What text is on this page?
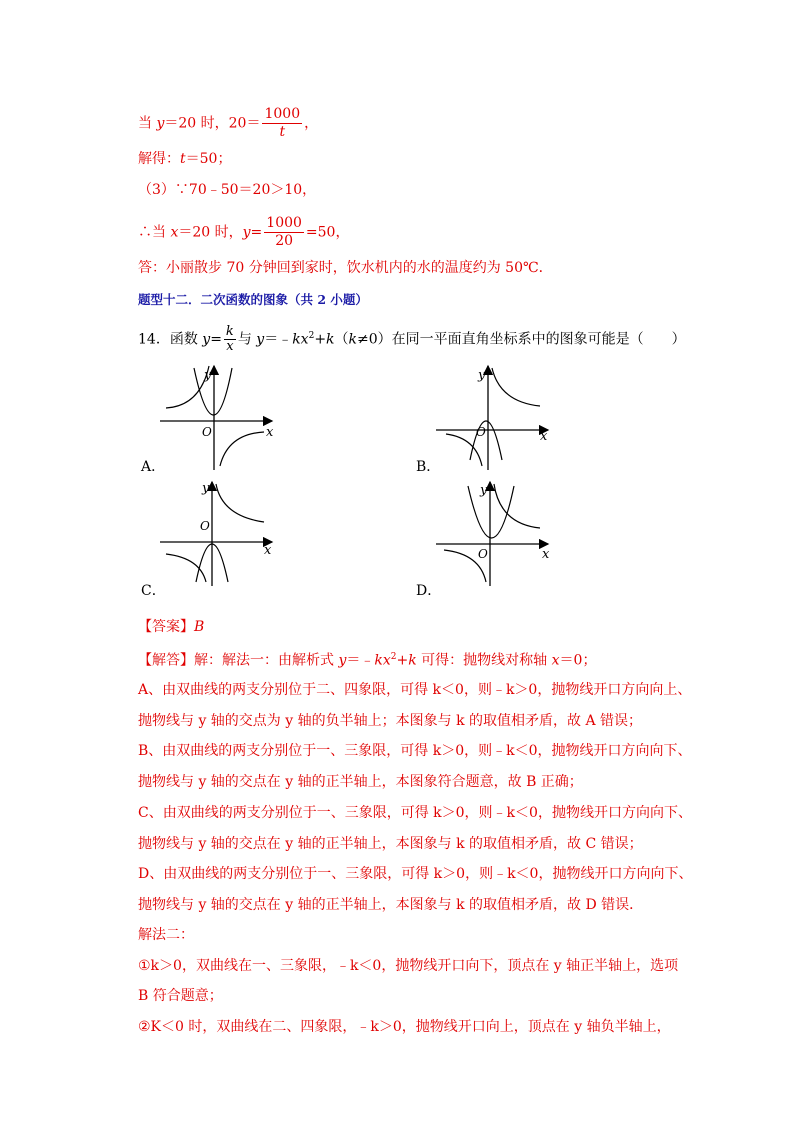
当 y＝20 时，$20= \frac{1000}{t}$ ，
解得：t＝50；
（3）∵70﹣50＝20＞10，
∴当 x＝20 时，$y= \frac{1000}{20} =50$，
答：小丽散步 70 分钟回到家时，饮水机内的水的温度约为 50℃．
题型十二．二次函数的图象（共 2 小题）
14．函数 $y= \frac{k}{x}$ 与 $y=﹣kx^2+k(k\ne 0)$在同一平面直角坐标系中的图象可能是（　　）
y
x
O
A．
y
x
O
B．
y
x
O
C．
y
x
O
D．
【答案】B
【解答】解：解法一：由解析式 $y=﹣kx^2+k$ 可得：抛物线对称轴 x＝0；
A、由双曲线的两支分别位于二、四象限，可得 k＜0，则﹣k＞0，抛物线开口方向向上、
抛物线与 y 轴的交点为 y 轴的负半轴上；本图象与 k 的取值相矛盾，故 A 错误；
B、由双曲线的两支分别位于一、三象限，可得 k＞0，则﹣k＜0，抛物线开口方向向下、
抛物线与 y 轴的交点在 y 轴的正半轴上，本图象符合题意，故 B 正确；
C、由双曲线的两支分别位于一、三象限，可得 k＞0，则﹣k＜0，抛物线开口方向向下、
抛物线与 y 轴的交点在 y 轴的正半轴上，本图象与 k 的取值相矛盾，故 C 错误；
D、由双曲线的两支分别位于一、三象限，可得 k＞0，则﹣k＜0，抛物线开口方向向下、
抛物线与 y 轴的交点在 y 轴的正半轴上，本图象与 k 的取值相矛盾，故 D 错误．
解法二：
①k＞0，双曲线在一、三象限，﹣k＜0，抛物线开口向下，顶点在 y 轴正半轴上，选项
B 符合题意；
②K＜0 时，双曲线在二、四象限，﹣k＞0，抛物线开口向上，顶点在 y 轴负半轴上，
